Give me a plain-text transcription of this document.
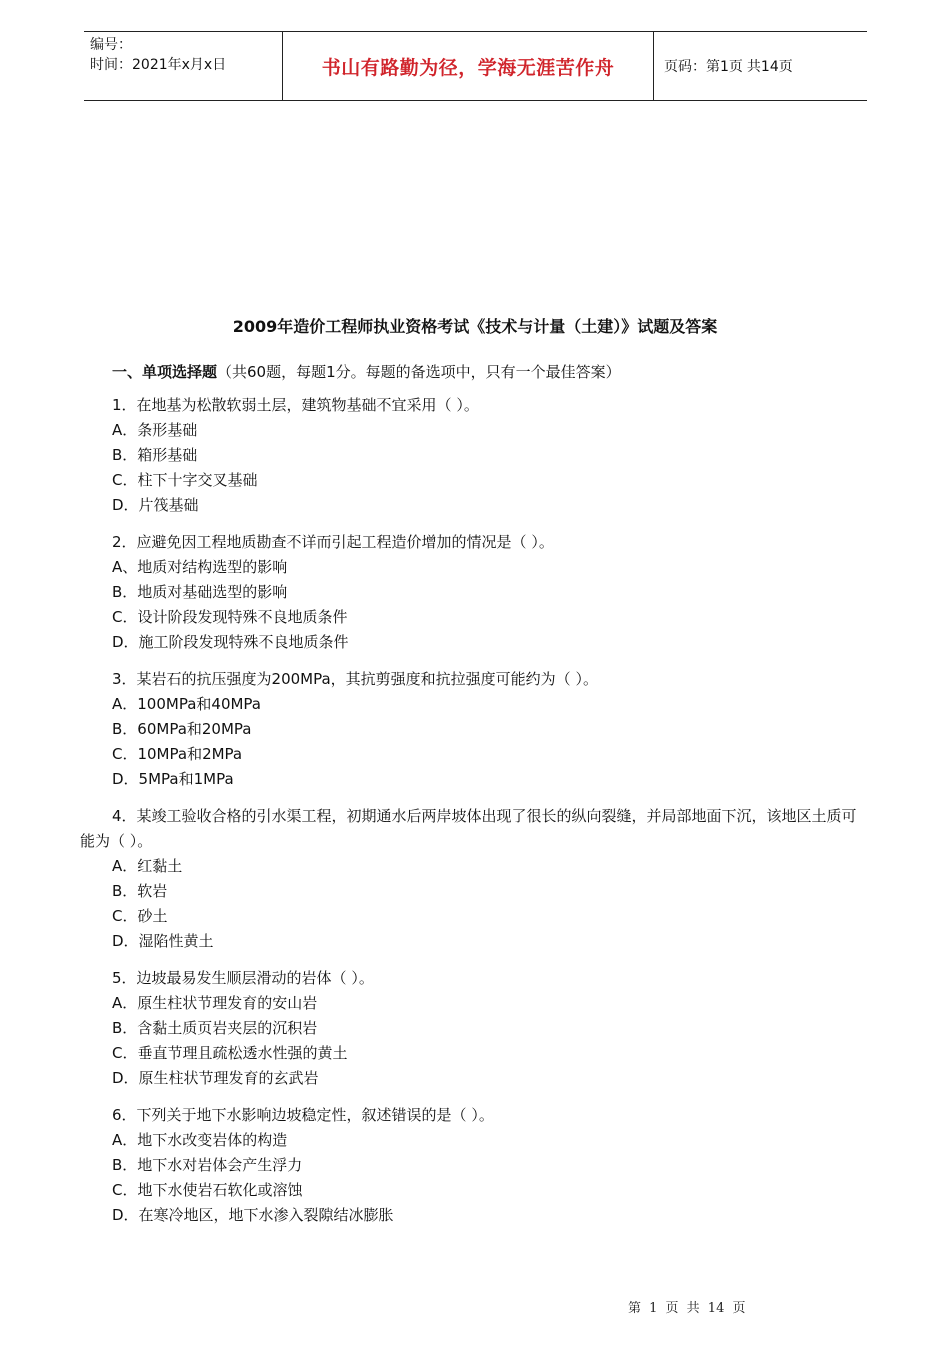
编号：
时间：2021年x月x日	书山有路勤为径，学海无涯苦作舟	页码：第1页 共14页
2009年造价工程师执业资格考试《技术与计量（土建）》试题及答案
一、单项选择题（共60题，每题1分。每题的备选项中，只有一个最佳答案）
1．在地基为松散软弱土层，建筑物基础不宜采用（ ）。
A．条形基础
B．箱形基础
C．柱下十字交叉基础
D．片筏基础
2．应避免因工程地质勘查不详而引起工程造价增加的情况是（ ）。
A、地质对结构选型的影响
B．地质对基础选型的影响
C．设计阶段发现特殊不良地质条件
D．施工阶段发现特殊不良地质条件
3．某岩石的抗压强度为200MPa，其抗剪强度和抗拉强度可能约为（ ）。
A．100MPa和40MPa
B．60MPa和20MPa
C．10MPa和2MPa
D．5MPa和1MPa
4．某竣工验收合格的引水渠工程，初期通水后两岸坡体出现了很长的纵向裂缝，并局部地面下沉，该地区土质可能为（ ）。
A．红黏土
B．软岩
C．砂土
D．湿陷性黄土
5．边坡最易发生顺层滑动的岩体（ ）。
A．原生柱状节理发育的安山岩
B．含黏土质页岩夹层的沉积岩
C．垂直节理且疏松透水性强的黄土
D．原生柱状节理发育的玄武岩
6．下列关于地下水影响边坡稳定性，叙述错误的是（ ）。
A．地下水改变岩体的构造
B．地下水对岩体会产生浮力
C．地下水使岩石软化或溶蚀
D．在寒冷地区，地下水渗入裂隙结冰膨胀
第 1 页 共 14 页
